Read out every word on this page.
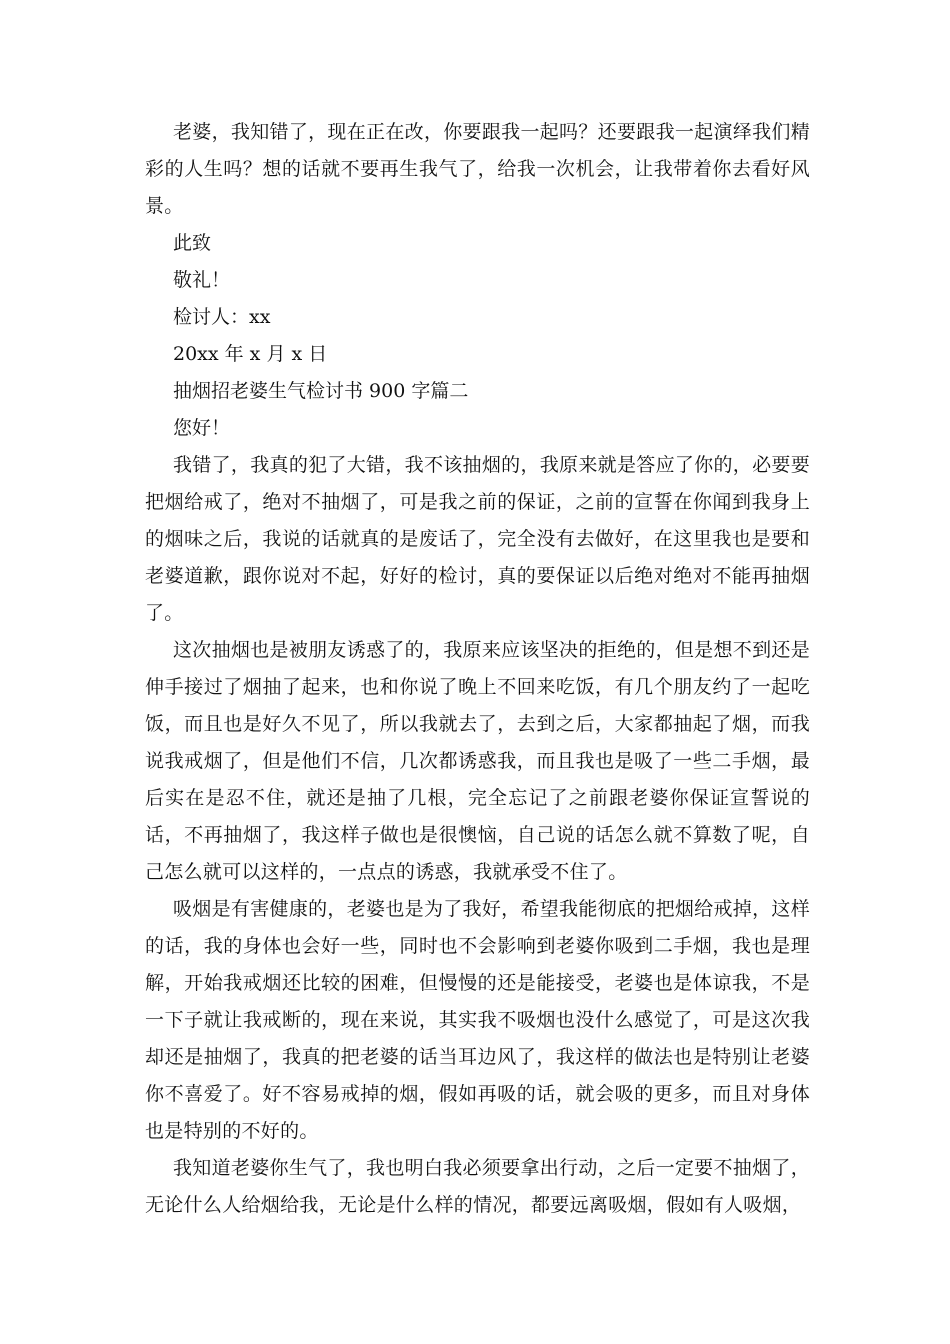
老婆，我知错了，现在正在改，你要跟我一起吗？还要跟我一起演绎我们精彩的人生吗？想的话就不要再生我气了，给我一次机会，让我带着你去看好风景。

此致

敬礼！

检讨人：xx

20xx 年 x 月 x 日

抽烟招老婆生气检讨书 900 字篇二

您好！

我错了，我真的犯了大错，我不该抽烟的，我原来就是答应了你的，必要要把烟给戒了，绝对不抽烟了，可是我之前的保证，之前的宣誓在你闻到我身上的烟味之后，我说的话就真的是废话了，完全没有去做好，在这里我也是要和老婆道歉，跟你说对不起，好好的检讨，真的要保证以后绝对绝对不能再抽烟了。

这次抽烟也是被朋友诱惑了的，我原来应该坚决的拒绝的，但是想不到还是伸手接过了烟抽了起来，也和你说了晚上不回来吃饭，有几个朋友约了一起吃饭，而且也是好久不见了，所以我就去了，去到之后，大家都抽起了烟，而我说我戒烟了，但是他们不信，几次都诱惑我，而且我也是吸了一些二手烟，最后实在是忍不住，就还是抽了几根，完全忘记了之前跟老婆你保证宣誓说的话，不再抽烟了，我这样子做也是很懊恼，自己说的话怎么就不算数了呢，自己怎么就可以这样的，一点点的诱惑，我就承受不住了。

吸烟是有害健康的，老婆也是为了我好，希望我能彻底的把烟给戒掉，这样的话，我的身体也会好一些，同时也不会影响到老婆你吸到二手烟，我也是理解，开始我戒烟还比较的困难，但慢慢的还是能接受，老婆也是体谅我，不是一下子就让我戒断的，现在来说，其实我不吸烟也没什么感觉了，可是这次我却还是抽烟了，我真的把老婆的话当耳边风了，我这样的做法也是特别让老婆你不喜爱了。好不容易戒掉的烟，假如再吸的话，就会吸的更多，而且对身体也是特别的不好的。

我知道老婆你生气了，我也明白我必须要拿出行动，之后一定要不抽烟了，无论什么人给烟给我，无论是什么样的情况，都要远离吸烟，假如有人吸烟，
